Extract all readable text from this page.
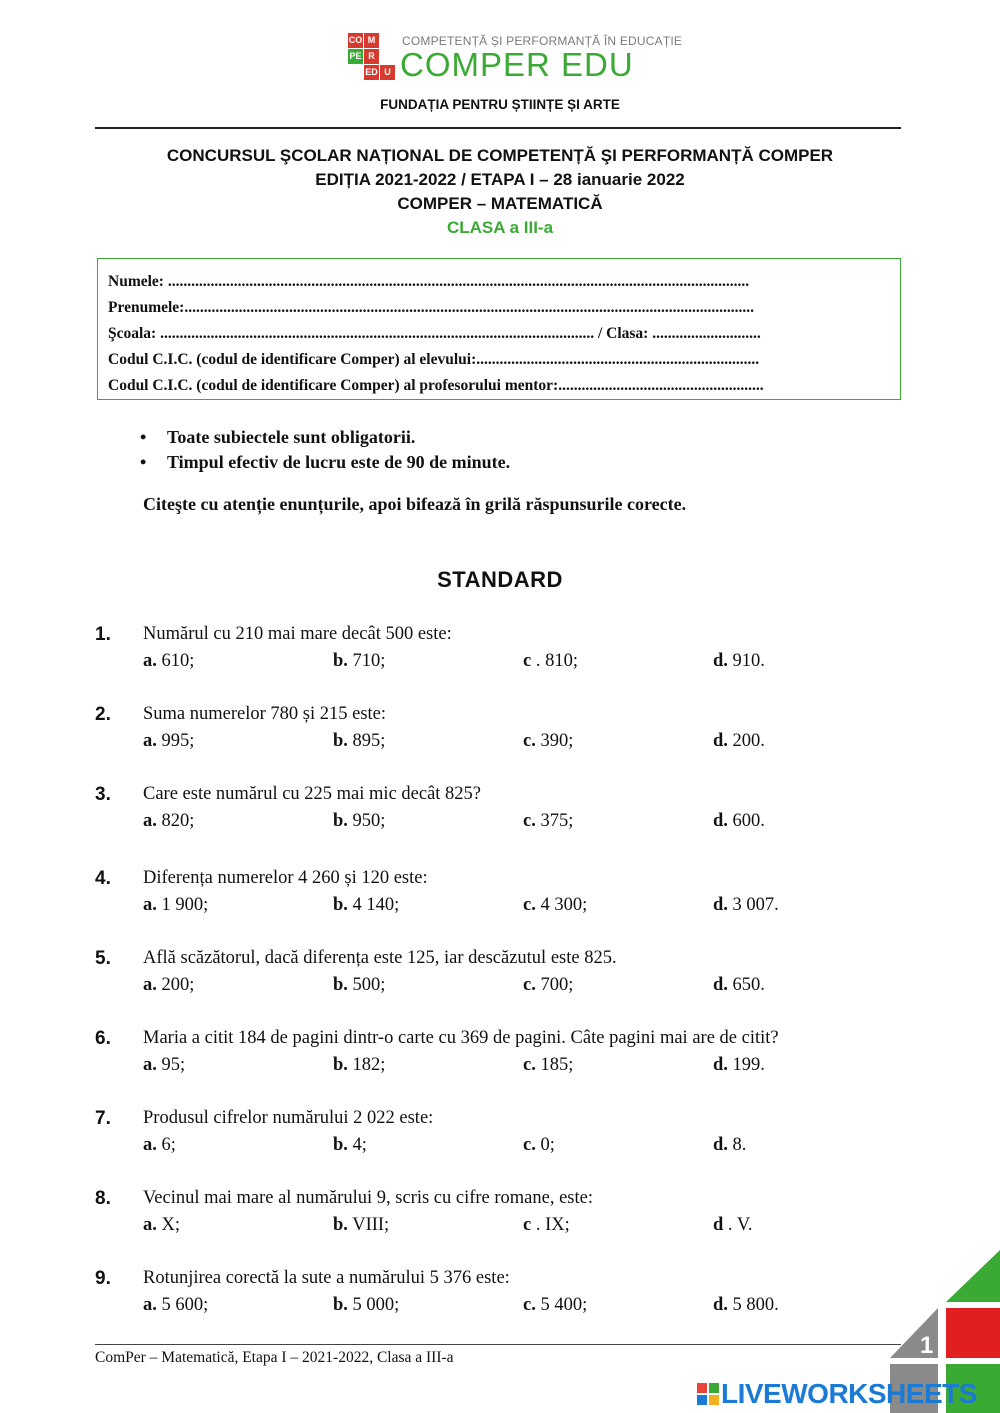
CO M
PE R
ED U
COMPETENȚĂ ȘI PERFORMANȚĂ ÎN EDUCAȚIE
COMPER EDU
FUNDAȚIA PENTRU ȘTIINȚE ȘI ARTE
CONCURSUL ŞCOLAR NAȚIONAL DE COMPETENȚĂ ŞI PERFORMANȚĂ COMPER
EDIȚIA 2021-2022 / ETAPA I – 28 ianuarie 2022
COMPER – MATEMATICĂ
CLASA a III-a
Numele: ......................................................................................................................................................
Prenumele:...................................................................................................................................................
Şcoala: ................................................................................................................ / Clasa: ............................
Codul C.I.C. (codul de identificare Comper) al elevului:.........................................................................
Codul C.I.C. (codul de identificare Comper) al profesorului mentor:.....................................................
• Toate subiectele sunt obligatorii.
• Timpul efectiv de lucru este de 90 de minute.
Citeşte cu atenție enunțurile, apoi bifează în grilă răspunsurile corecte.
STANDARD
1. Numărul cu 210 mai mare decât 500 este:
a. 610;	b. 710;	c . 810;	d. 910.
2. Suma numerelor 780 și 215 este:
a. 995;	b. 895;	c. 390;	d. 200.
3. Care este numărul cu 225 mai mic decât 825?
a. 820;	b. 950;	c. 375;	d. 600.
4. Diferența numerelor 4 260 și 120 este:
a. 1 900;	b. 4 140;	c. 4 300;	d. 3 007.
5. Află scăzătorul, dacă diferența este 125, iar descăzutul este 825.
a. 200;	b. 500;	c. 700;	d. 650.
6. Maria a citit 184 de pagini dintr-o carte cu 369 de pagini. Câte pagini mai are de citit?
a. 95;	b. 182;	c. 185;	d. 199.
7. Produsul cifrelor numărului 2 022 este:
a. 6;	b. 4;	c. 0;	d. 8.
8. Vecinul mai mare al numărului 9, scris cu cifre romane, este:
a. X;	b. VIII;	c . IX;	d . V.
9. Rotunjirea corectă la sute a numărului 5 376 este:
a. 5 600;	b. 5 000;	c. 5 400;	d. 5 800.
ComPer – Matematică, Etapa I – 2021-2022, Clasa a III-a	1
LIVEWORKSHEETS
